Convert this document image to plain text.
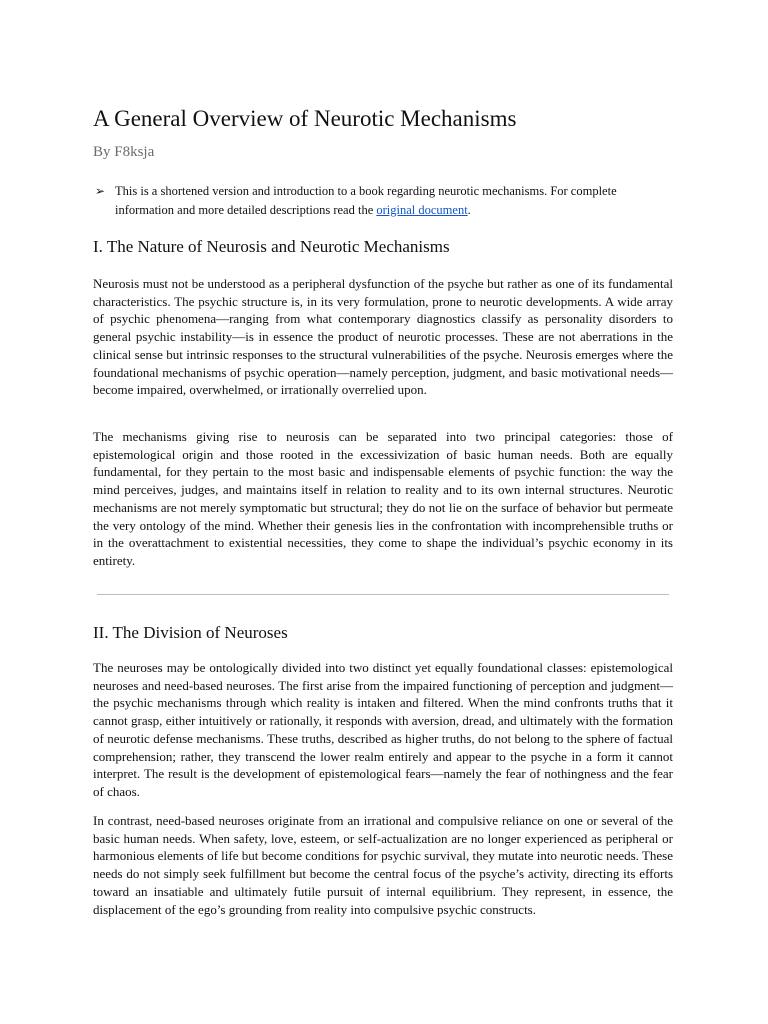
A General Overview of Neurotic Mechanisms

By F8ksja

➢ This is a shortened version and introduction to a book regarding neurotic mechanisms. For complete information and more detailed descriptions read the original document.
I. The Nature of Neurosis and Neurotic Mechanisms

Neurosis must not be understood as a peripheral dysfunction of the psyche but rather as one of its fundamental characteristics. The psychic structure is, in its very formulation, prone to neurotic developments. A wide array of psychic phenomena—ranging from what contemporary diagnostics classify as personality disorders to general psychic instability—is in essence the product of neurotic processes. These are not aberrations in the clinical sense but intrinsic responses to the structural vulnerabilities of the psyche. Neurosis emerges where the foundational mechanisms of psychic operation—namely perception, judgment, and basic motivational needs—become impaired, overwhelmed, or irrationally overrelied upon.

The mechanisms giving rise to neurosis can be separated into two principal categories: those of epistemological origin and those rooted in the excessivization of basic human needs. Both are equally fundamental, for they pertain to the most basic and indispensable elements of psychic function: the way the mind perceives, judges, and maintains itself in relation to reality and to its own internal structures. Neurotic mechanisms are not merely symptomatic but structural; they do not lie on the surface of behavior but permeate the very ontology of the mind. Whether their genesis lies in the confrontation with incomprehensible truths or in the overattachment to existential necessities, they come to shape the individual’s psychic economy in its entirety.

II. The Division of Neuroses

The neuroses may be ontologically divided into two distinct yet equally foundational classes: epistemological neuroses and need-based neuroses. The first arise from the impaired functioning of perception and judgment—the psychic mechanisms through which reality is intaken and filtered. When the mind confronts truths that it cannot grasp, either intuitively or rationally, it responds with aversion, dread, and ultimately with the formation of neurotic defense mechanisms. These truths, described as higher truths, do not belong to the sphere of factual comprehension; rather, they transcend the lower realm entirely and appear to the psyche in a form it cannot interpret. The result is the development of epistemological fears—namely the fear of nothingness and the fear of chaos.

In contrast, need-based neuroses originate from an irrational and compulsive reliance on one or several of the basic human needs. When safety, love, esteem, or self-actualization are no longer experienced as peripheral or harmonious elements of life but become conditions for psychic survival, they mutate into neurotic needs. These needs do not simply seek fulfillment but become the central focus of the psyche’s activity, directing its efforts toward an insatiable and ultimately futile pursuit of internal equilibrium. They represent, in essence, the displacement of the ego’s grounding from reality into compulsive psychic constructs.
